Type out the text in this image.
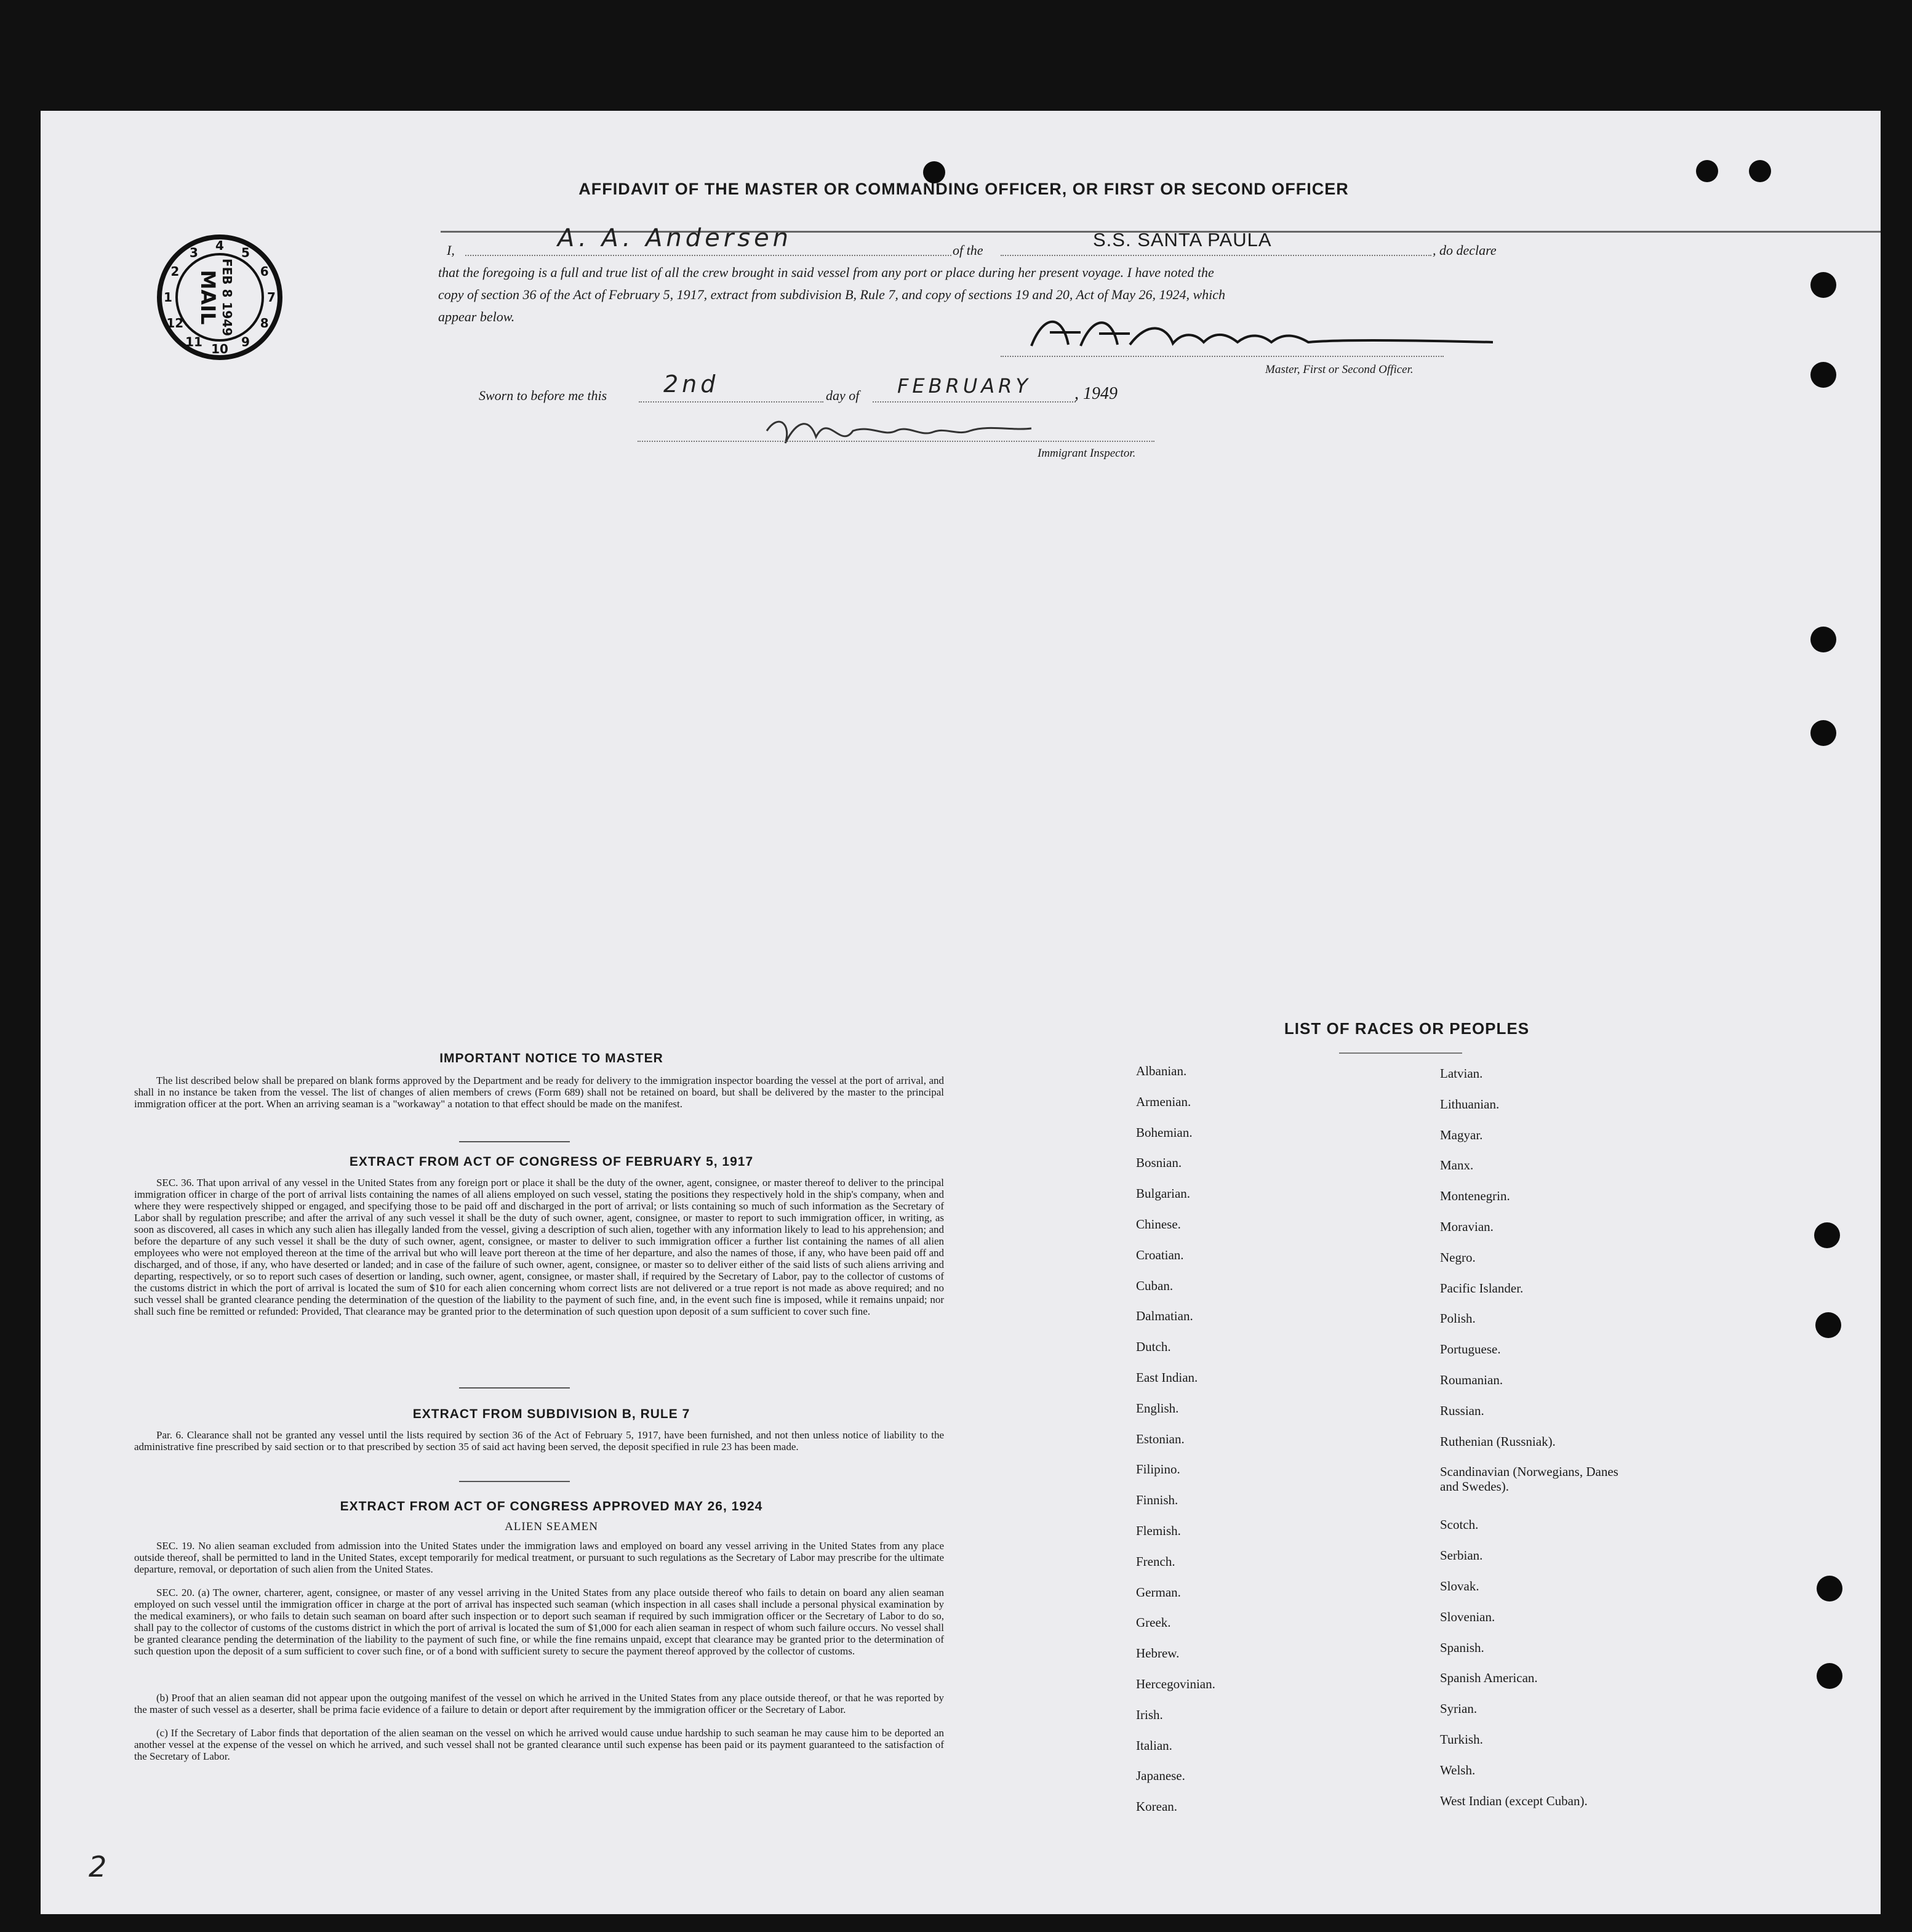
AFFIDAVIT OF THE MASTER OR COMMANDING OFFICER, OR FIRST OR SECOND OFFICER
1
2
3 4 5
6
7
8
9
10
11
12	FEB 8 1949
MAIL
I,	A. A. Andersen	of the	S.S. SANTA PAULA	, do declare
that the foregoing is a full and true list of all the crew brought in said vessel from any port or place during her present voyage. I have noted the
copy of section 36 of the Act of February 5, 1917, extract from subdivision B, Rule 7, and copy of sections 19 and 20, Act of May 26, 1924, which
appear below.
Master, First or Second Officer.
Sworn to before me this 2nd	day of FEBRUARY	, 1949
Immigrant Inspector.
IMPORTANT NOTICE TO MASTER
The list described below shall be prepared on blank forms approved by the Department and be ready for delivery to the immigration inspector boarding the vessel at the port of arrival, and shall in no instance be taken from the vessel. The list of changes of alien members of crews (Form 689) shall not be retained on board, but shall be delivered by the master to the principal immigration officer at the port. When an arriving seaman is a "workaway" a notation to that effect should be made on the manifest.
EXTRACT FROM ACT OF CONGRESS OF FEBRUARY 5, 1917
SEC. 36. That upon arrival of any vessel in the United States from any foreign port or place it shall be the duty of the owner, agent, consignee, or master thereof to deliver to the principal immigration officer in charge of the port of arrival lists containing the names of all aliens employed on such vessel, stating the positions they respectively hold in the ship's company, when and where they were respectively shipped or engaged, and specifying those to be paid off and discharged in the port of arrival; or lists containing so much of such information as the Secretary of Labor shall by regulation prescribe; and after the arrival of any such vessel it shall be the duty of such owner, agent, consignee, or master to report to such immigration officer, in writing, as soon as discovered, all cases in which any such alien has illegally landed from the vessel, giving a description of such alien, together with any information likely to lead to his apprehension; and before the departure of any such vessel it shall be the duty of such owner, agent, consignee, or master to deliver to such immigration officer a further list containing the names of all alien employees who were not employed thereon at the time of the arrival but who will leave port thereon at the time of her departure, and also the names of those, if any, who have been paid off and discharged, and of those, if any, who have deserted or landed; and in case of the failure of such owner, agent, consignee, or master so to deliver either of the said lists of such aliens arriving and departing, respectively, or so to report such cases of desertion or landing, such owner, agent, consignee, or master shall, if required by the Secretary of Labor, pay to the collector of customs of the customs district in which the port of arrival is located the sum of $10 for each alien concerning whom correct lists are not delivered or a true report is not made as above required; and no such vessel shall be granted clearance pending the determination of the question of the liability to the payment of such fine, and, in the event such fine is imposed, while it remains unpaid; nor shall such fine be remitted or refunded: Provided, That clearance may be granted prior to the determination of such question upon deposit of a sum sufficient to cover such fine.
EXTRACT FROM SUBDIVISION B, RULE 7
Par. 6. Clearance shall not be granted any vessel until the lists required by section 36 of the Act of February 5, 1917, have been furnished, and not then unless notice of liability to the administrative fine prescribed by said section or to that prescribed by section 35 of said act having been served, the deposit specified in rule 23 has been made.
EXTRACT FROM ACT OF CONGRESS APPROVED MAY 26, 1924
ALIEN SEAMEN
SEC. 19. No alien seaman excluded from admission into the United States under the immigration laws and employed on board any vessel arriving in the United States from any place outside thereof, shall be permitted to land in the United States, except temporarily for medical treatment, or pursuant to such regulations as the Secretary of Labor may prescribe for the ultimate departure, removal, or deportation of such alien from the United States.
SEC. 20. (a) The owner, charterer, agent, consignee, or master of any vessel arriving in the United States from any place outside thereof who fails to detain on board any alien seaman employed on such vessel until the immigration officer in charge at the port of arrival has inspected such seaman (which inspection in all cases shall include a personal physical examination by the medical examiners), or who fails to detain such seaman on board after such inspection or to deport such seaman if required by such immigration officer or the Secretary of Labor to do so, shall pay to the collector of customs of the customs district in which the port of arrival is located the sum of $1,000 for each alien seaman in respect of whom such failure occurs. No vessel shall be granted clearance pending the determination of the liability to the payment of such fine, or while the fine remains unpaid, except that clearance may be granted prior to the determination of such question upon the deposit of a sum sufficient to cover such fine, or of a bond with sufficient surety to secure the payment thereof approved by the collector of customs.
(b) Proof that an alien seaman did not appear upon the outgoing manifest of the vessel on which he arrived in the United States from any place outside thereof, or that he was reported by the master of such vessel as a deserter, shall be prima facie evidence of a failure to detain or deport after requirement by the immigration officer or the Secretary of Labor.
(c) If the Secretary of Labor finds that deportation of the alien seaman on the vessel on which he arrived would cause undue hardship to such seaman he may cause him to be deported an another vessel at the expense of the vessel on which he arrived, and such vessel shall not be granted clearance until such expense has been paid or its payment guaranteed to the satisfaction of the Secretary of Labor.
LIST OF RACES OR PEOPLES
Albanian.
Armenian.
Bohemian.
Bosnian.
Bulgarian.
Chinese.
Croatian.
Cuban.
Dalmatian.
Dutch.
East Indian.
English.
Estonian.
Filipino.
Finnish.
Flemish.
French.
German.
Greek.
Hebrew.
Hercegovinian.
Irish.
Italian.
Japanese.
Korean.
Latvian.
Lithuanian.
Magyar.
Manx.
Montenegrin.
Moravian.
Negro.
Pacific Islander.
Polish.
Portuguese.
Roumanian.
Russian.
Ruthenian (Russniak).
Scandinavian (Norwegians, Danes and Swedes).
Scotch.
Serbian.
Slovak.
Slovenian.
Spanish.
Spanish American.
Syrian.
Turkish.
Welsh.
West Indian (except Cuban).
2
